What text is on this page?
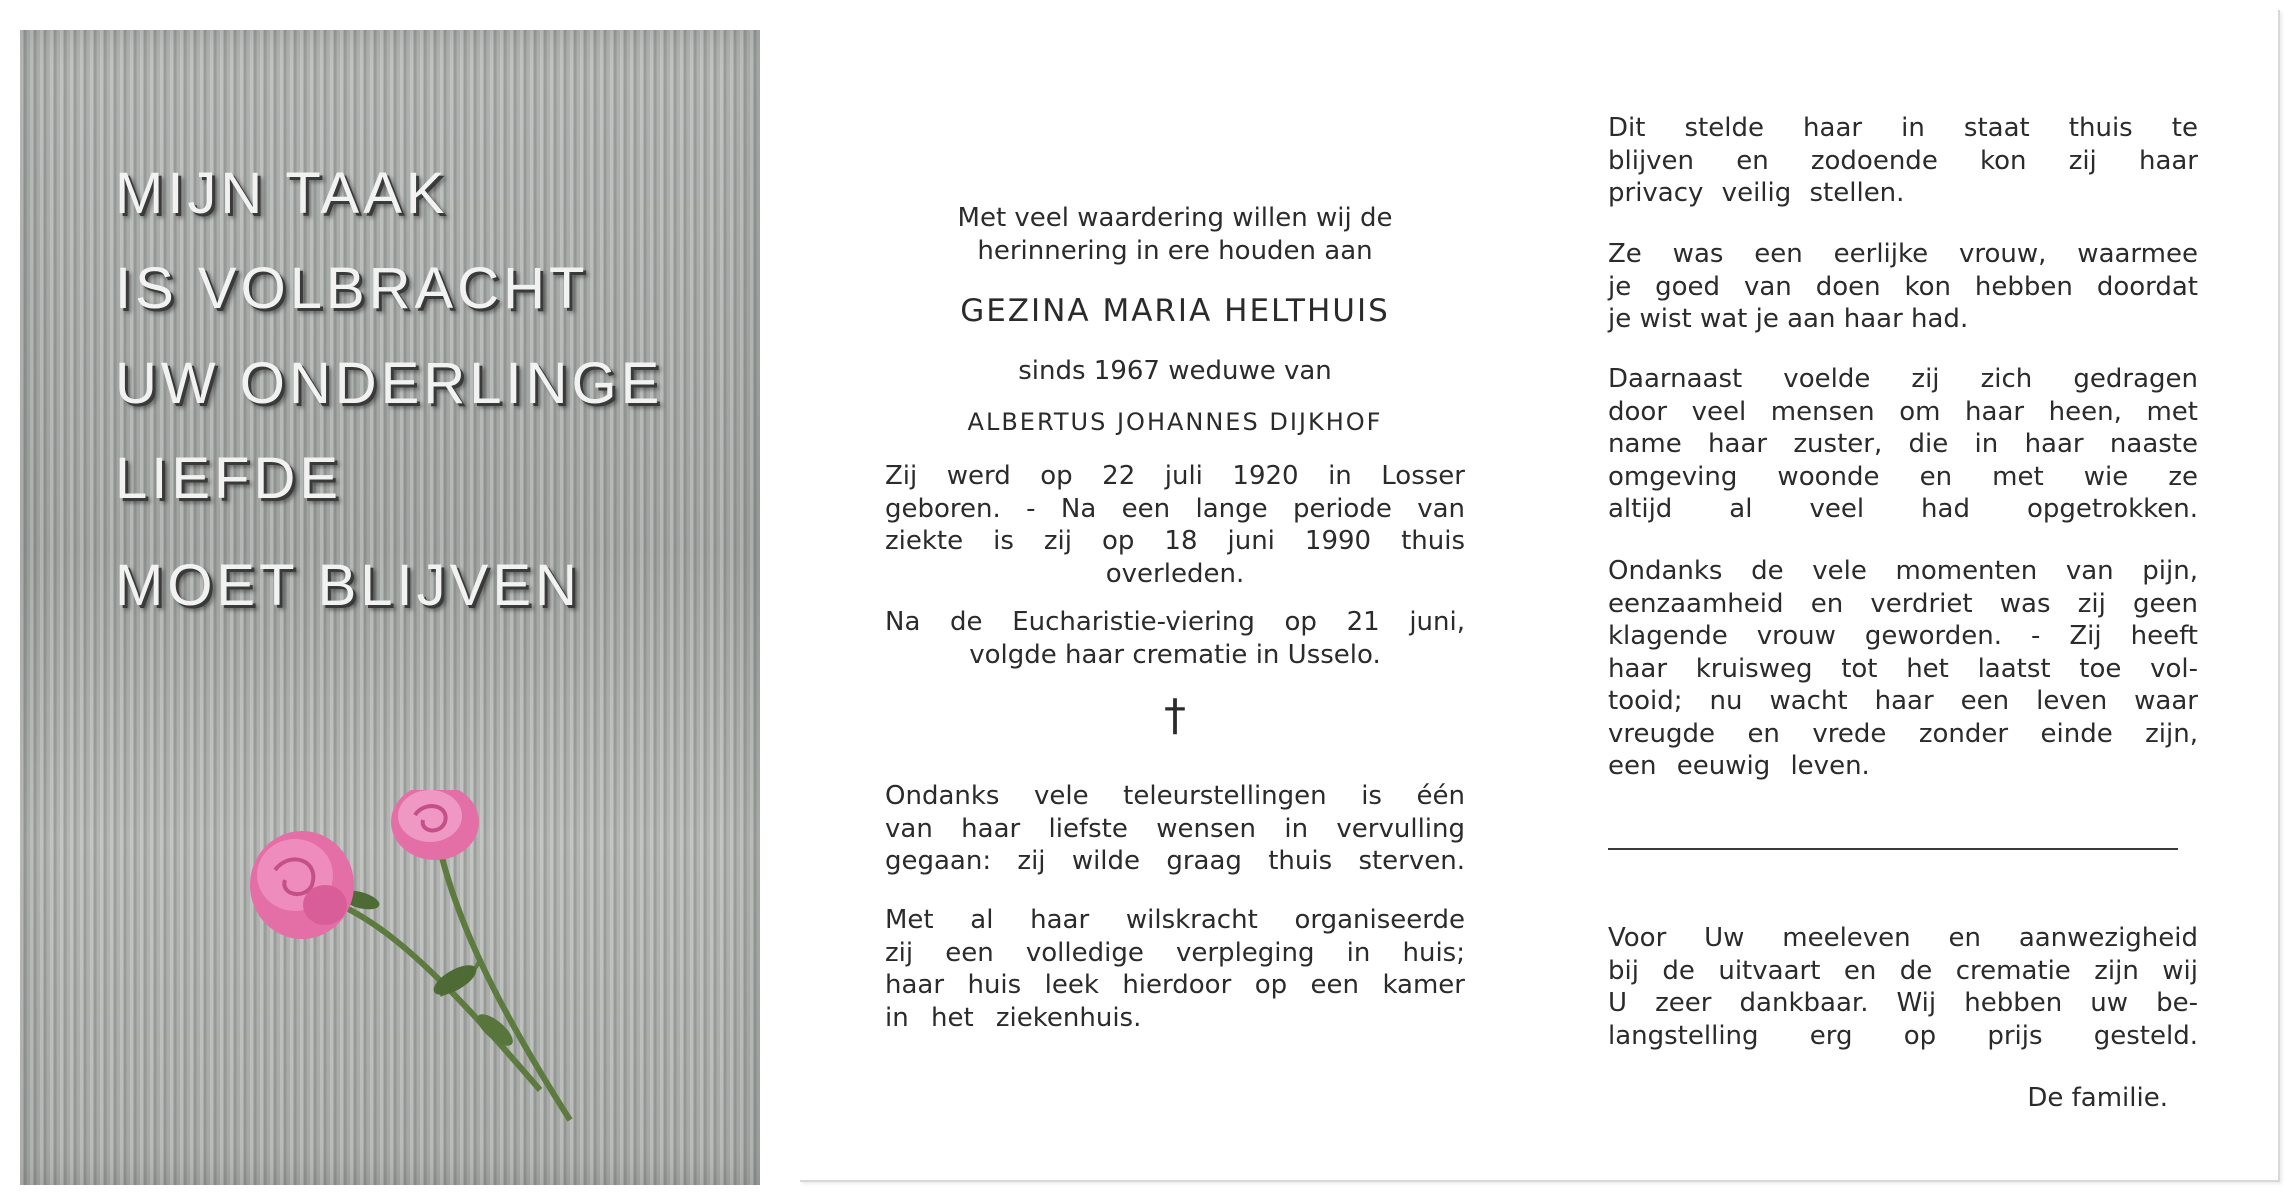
MIJN TAAK
IS VOLBRACHT
UW ONDERLINGE
LIEFDE
MOET BLIJVEN
Met veel waardering willen wij de
herinnering in ere houden aan
GEZINA MARIA HELTHUIS
sinds 1967 weduwe van
ALBERTUS JOHANNES DIJKHOF
Zij werd op 22 juli 1920 in Losser
geboren. - Na een lange periode van
ziekte is zij op 18 juni 1990 thuis
overleden.
Na de Eucharistie-viering op 21 juni,
volgde haar crematie in Usselo.
†
Ondanks vele teleurstellingen is één
van haar liefste wensen in vervulling
gegaan: zij wilde graag thuis sterven.
Met al haar wilskracht organiseerde
zij een volledige verpleging in huis;
haar huis leek hierdoor op een kamer
in het ziekenhuis.
Dit stelde haar in staat thuis te
blijven en zodoende kon zij haar
privacy veilig stellen.
Ze was een eerlijke vrouw, waarmee
je goed van doen kon hebben doordat
je wist wat je aan haar had.
Daarnaast voelde zij zich gedragen
door veel mensen om haar heen, met
name haar zuster, die in haar naaste
omgeving woonde en met wie ze
altijd al veel had opgetrokken.
Ondanks de vele momenten van pijn,
eenzaamheid en verdriet was zij geen
klagende vrouw geworden. - Zij heeft
haar kruisweg tot het laatst toe vol-
tooid; nu wacht haar een leven waar
vreugde en vrede zonder einde zijn,
een eeuwig leven.
Voor Uw meeleven en aanwezigheid
bij de uitvaart en de crematie zijn wij
U zeer dankbaar. Wij hebben uw be-
langstelling erg op prijs gesteld.
De familie.
